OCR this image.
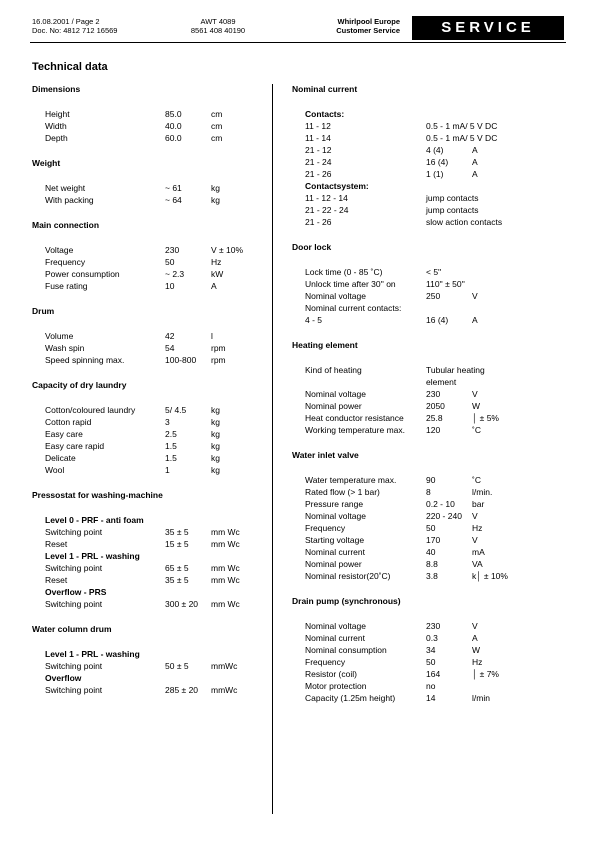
16.08.2001 / Page 2
Doc. No: 4812 712 16569
AWT 4089
8561 408 40190
Whirlpool Europe
Customer Service	SERVICE
Technical data
Dimensions
Height	85.0	cm
Width	40.0	cm
Depth	60.0	cm
Weight
Net weight	~ 61	kg
With packing	~ 64	kg
Main connection
Voltage	230	V ± 10%
Frequency	50	Hz
Power consumption	~ 2.3	kW
Fuse rating	10	A
Drum
Volume	42	l
Wash spin	54	rpm
Speed spinning max.	100-800	rpm
Capacity of dry laundry
Cotton/coloured laundry	5/ 4.5	kg
Cotton rapid	3	kg
Easy care	2.5	kg
Easy care rapid	1.5	kg
Delicate	1.5	kg
Wool	1	kg
Pressostat for washing-machine
Level 0 - PRF - anti foam
Switching point	35 ± 5	mm Wc
Reset	15 ± 5	mm Wc
Level 1 - PRL - washing
Switching point	65 ± 5	mm Wc
Reset	35 ± 5	mm Wc
Overflow - PRS
Switching point	300 ± 20	mm Wc
Water column drum
Level 1 - PRL - washing
Switching point	50 ± 5	mmWc
Overflow
Switching point	285 ± 20	mmWc
Nominal current
Contacts:
11 - 12	0.5 - 1 mA/ 5 V DC
11 - 14	0.5 - 1 mA/ 5 V DC
21 - 12	4 (4)	A
21 - 24	16 (4)	A
21 - 26	1 (1)	A
Contactsystem:
11 - 12 - 14	jump contacts
21 - 22 - 24	jump contacts
21 - 26	slow action contacts
Door lock
Lock time (0 - 85 ˚C)	< 5''
Unlock time after 30'' on	110'' ± 50''
Nominal voltage	250	V
Nominal current contacts:
4 - 5	16 (4)	A
Heating element
Kind of heating	Tubular heating element
Nominal voltage	230	V
Nominal power	2050	W
Heat conductor resistance	25.8	│ ± 5%
Working temperature max.	120	˚C
Water inlet valve
Water temperature max.	90	˚C
Rated flow (> 1 bar)	8	l/min.
Pressure range	0.2 - 10	bar
Nominal voltage	220 - 240	V
Frequency	50	Hz
Starting voltage	170	V
Nominal current	40	mA
Nominal power	8.8	VA
Nominal resistor(20˚C)	3.8	k│ ± 10%
Drain pump (synchronous)
Nominal voltage	230	V
Nominal current	0.3	A
Nominal consumption	34	W
Frequency	50	Hz
Resistor (coil)	164	│ ± 7%
Motor protection	no
Capacity (1.25m height)	14	l/min
